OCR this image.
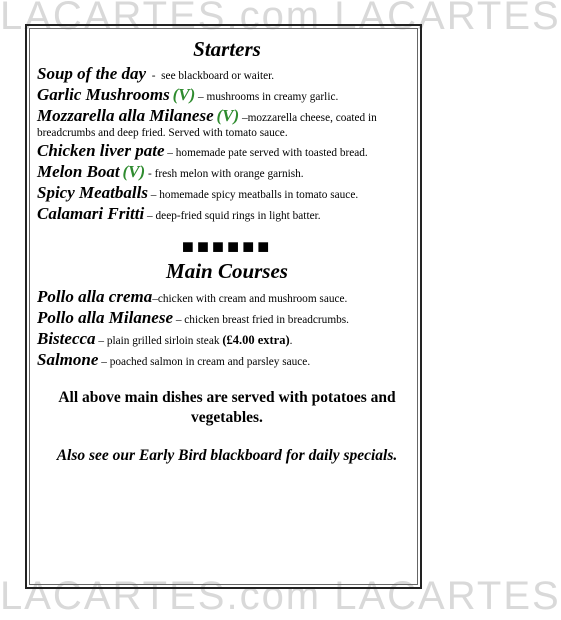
LACARTES.com LACARTES
LACARTES.com LACARTES
Starters

Soup of the day  -  see blackboard or waiter.

Garlic Mushrooms (V) – mushrooms in creamy garlic.

Mozzarella alla Milanese (V) –mozzarella cheese, coated in breadcrumbs and deep fried. Served with tomato sauce.

Chicken liver pate – homemade pate served with toasted bread.

Melon Boat (V) - fresh melon with orange garnish.

Spicy Meatballs – homemade spicy meatballs in tomato sauce.

Calamari Fritti – deep-fried squid rings in light batter.

■■■■■■
Main Courses

Pollo alla crema–chicken with cream and mushroom sauce.

Pollo alla Milanese – chicken breast fried in breadcrumbs.

Bistecca – plain grilled sirloin steak (£4.00 extra).

Salmone – poached salmon in cream and parsley sauce.

All above main dishes are served with potatoes and vegetables.

Also see our Early Bird blackboard for daily specials.
